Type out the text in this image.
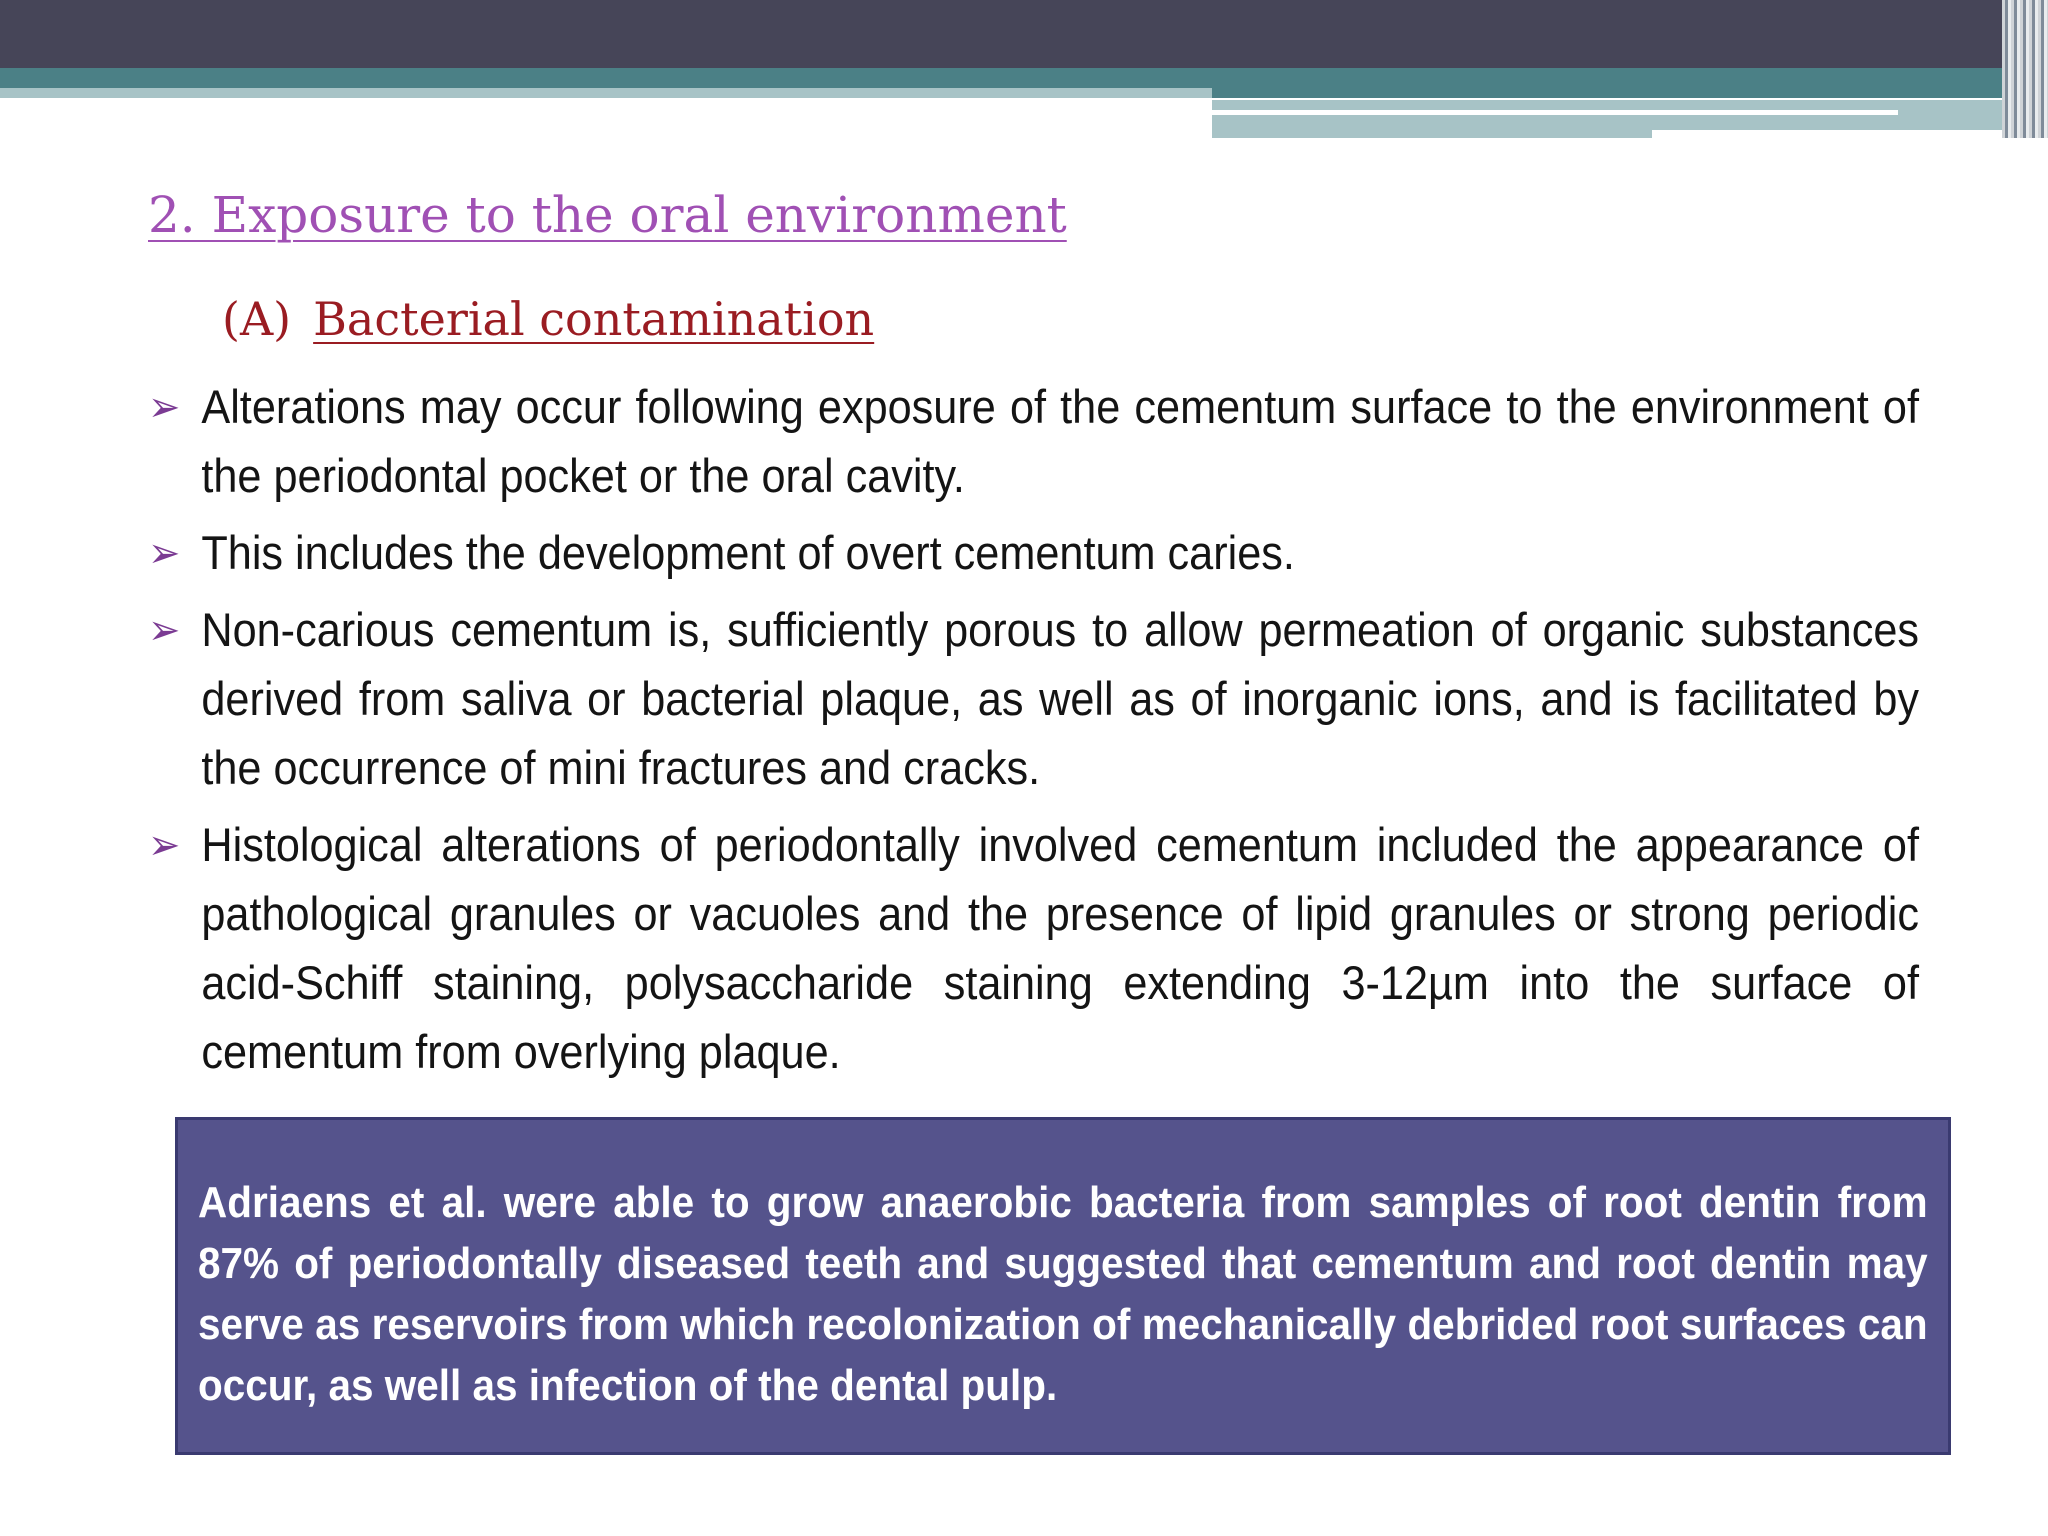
2. Exposure to the oral environment
(A) Bacterial contamination
➢ Alterations may occur following exposure of the cementum surface to the environment of the periodontal pocket or the oral cavity.
➢ This includes the development of overt cementum caries.
➢ Non-carious cementum is, sufficiently porous to allow permeation of organic substances derived from saliva or bacterial plaque, as well as of inorganic ions, and is facilitated by the occurrence of mini fractures and cracks.
➢ Histological alterations of periodontally involved cementum included the appearance of pathological granules or vacuoles and the presence of lipid granules or strong periodic acid-Schiff staining, polysaccharide staining extending 3-12µm into the surface of cementum from overlying plaque.

Adriaens et al. were able to grow anaerobic bacteria from samples of root dentin from 87% of periodontally diseased teeth and suggested that cementum and root dentin may serve as reservoirs from which recolonization of mechanically debrided root surfaces can occur, as well as infection of the dental pulp.
